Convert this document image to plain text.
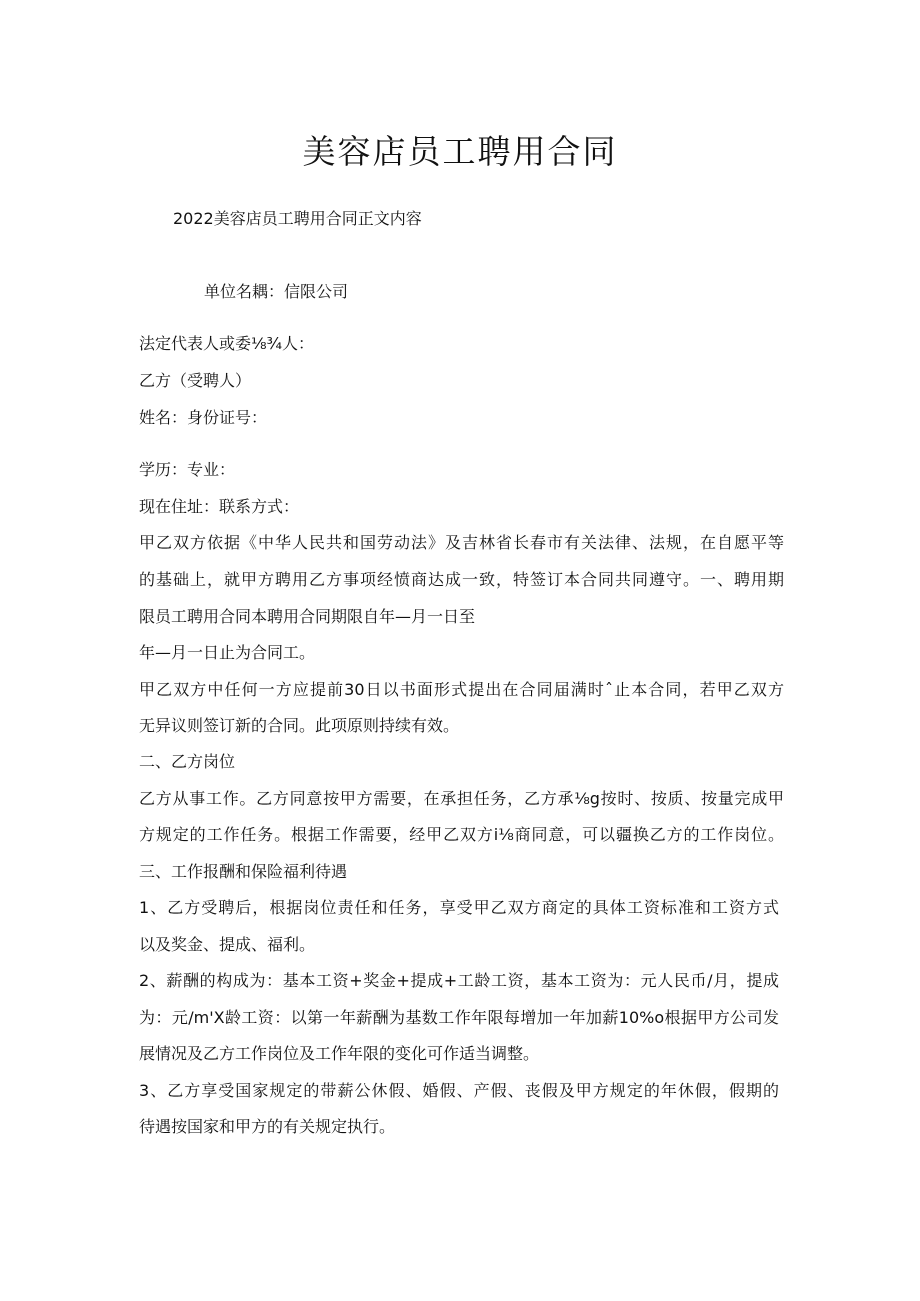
美容店员工聘用合同

2022美容店员工聘用合同正文内容

单位名耦：信限公司

法定代表人或委⅛¾人：

乙方（受聘人）

姓名：身份证号：

学历：专业：

现在住址：联系方式：

甲乙双方依据《中华人民共和国劳动法》及吉林省长春市有关法律、法规，在自愿平等

的基础上，就甲方聘用乙方事项经愤商达成一致，特签订本合同共同遵守。一、聘用期

限员工聘用合同本聘用合同期限自年—月一日至

年—月一日止为合同工。

甲乙双方中任何一方应提前30日以书面形式提出在合同届满时ˆ止本合同，若甲乙双方

无异议则签订新的合同。此项原则持续有效。

二、乙方岗位

乙方从事工作。乙方同意按甲方需要，在承担任务，乙方承⅛g按时、按质、按量完成甲

方规定的工作任务。根据工作需要，经甲乙双方i⅛商同意，可以疆换乙方的工作岗位。

三、工作报酬和保险福利待遇

1、乙方受聘后，根据岗位责任和任务，享受甲乙双方商定的具体工资标准和工资方式

以及奖金、提成、福利。

2、薪酬的构成为：基本工资+奖金+提成+工龄工资，基本工资为：元人民币/月，提成

为：元/m'X龄工资：以第一年薪酬为基数工作年限每增加一年加薪10%o根据甲方公司发

展情况及乙方工作岗位及工作年限的变化可作适当调整。

3、乙方享受国家规定的带薪公休假、婚假、产假、丧假及甲方规定的年休假，假期的

待遇按国家和甲方的有关规定执行。
